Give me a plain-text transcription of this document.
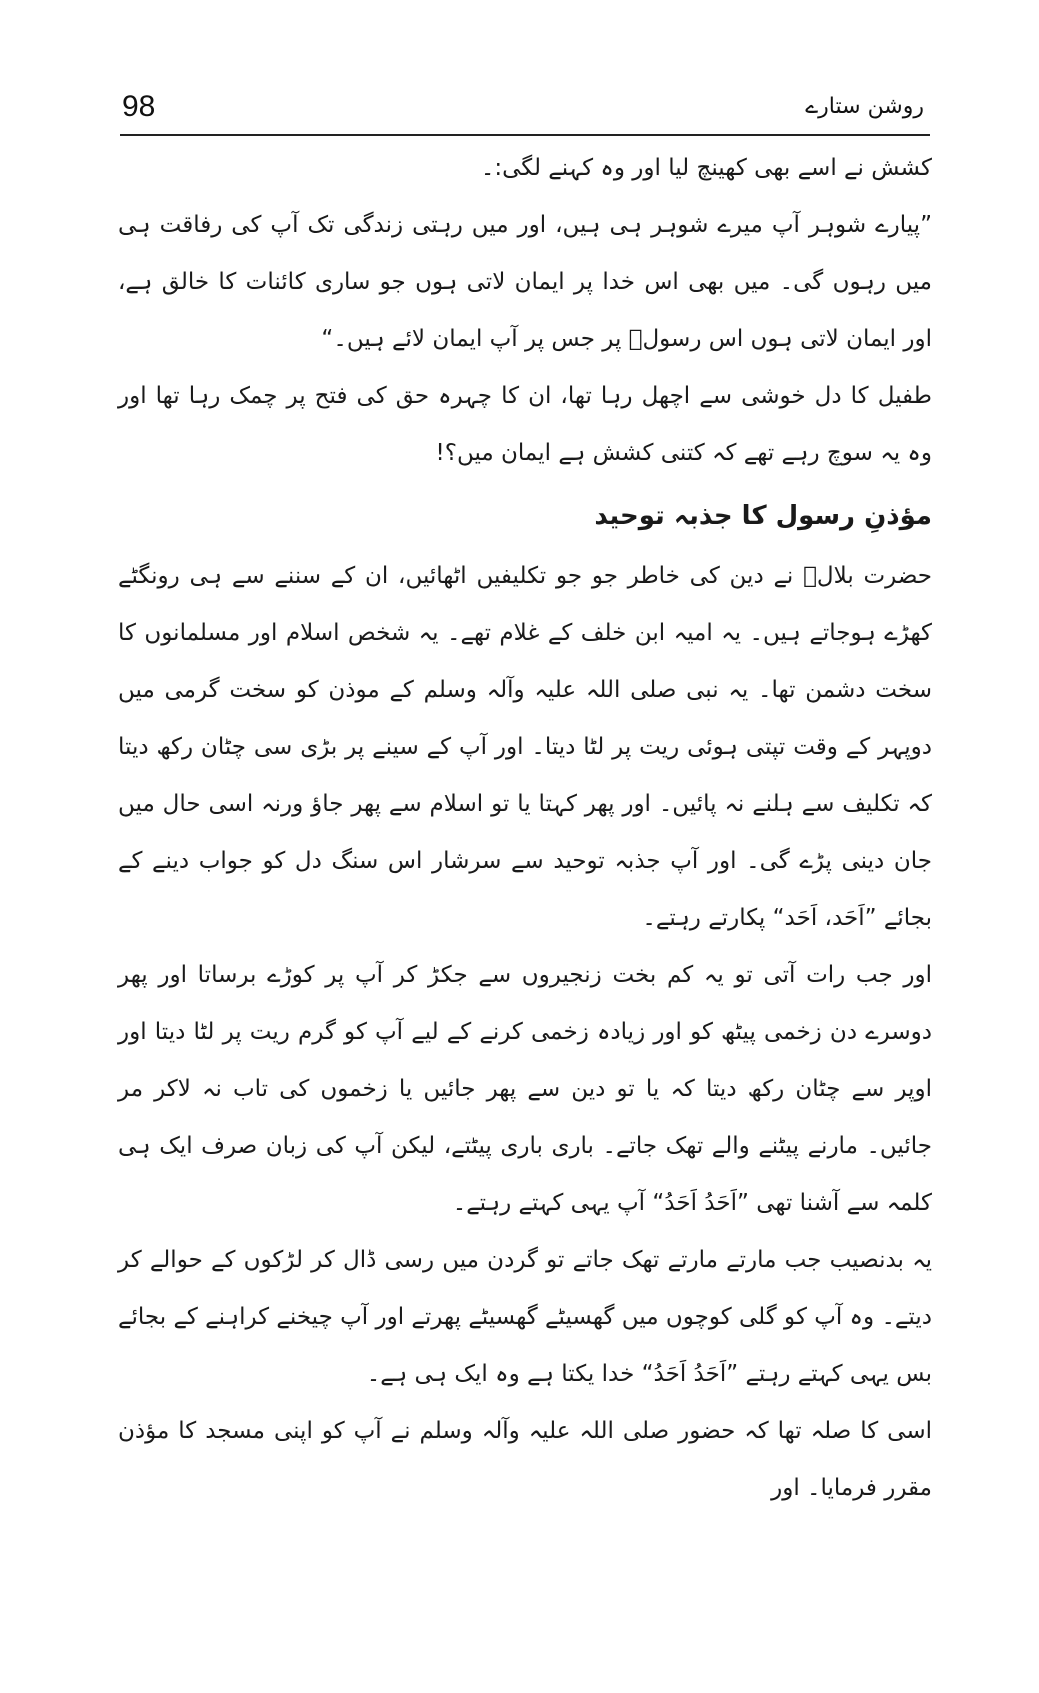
98	روشن ستارے

کشش نے اسے بھی کھینچ لیا اور وہ کہنے لگی:۔

”پیارے شوہر آپ میرے شوہر ہی ہیں، اور میں رہتی زندگی تک آپ کی رفاقت ہی میں رہوں گی۔ میں بھی اس خدا پر ایمان لاتی ہوں جو ساری کائنات کا خالق ہے، اور ایمان لاتی ہوں اس رسولؐ پر جس پر آپ ایمان لائے ہیں۔“

طفیل کا دل خوشی سے اچھل رہا تھا، ان کا چہرہ حق کی فتح پر چمک رہا تھا اور وہ یہ سوچ رہے تھے کہ کتنی کشش ہے ایمان میں؟!

مؤذنِ رسول کا جذبہ توحید

حضرت بلالؓ نے دین کی خاطر جو جو تکلیفیں اٹھائیں، ان کے سننے سے ہی رونگٹے کھڑے ہوجاتے ہیں۔ یہ امیہ ابن خلف کے غلام تھے۔ یہ شخص اسلام اور مسلمانوں کا سخت دشمن تھا۔ یہ نبی صلی اللہ علیہ وآلہ وسلم کے موذن کو سخت گرمی میں دوپہر کے وقت تپتی ہوئی ریت پر لٹا دیتا۔ اور آپ کے سینے پر بڑی سی چٹان رکھ دیتا کہ تکلیف سے ہلنے نہ پائیں۔ اور پھر کہتا یا تو اسلام سے پھر جاؤ ورنہ اسی حال میں جان دینی پڑے گی۔ اور آپ جذبہ توحید سے سرشار اس سنگ دل کو جواب دینے کے بجائے ”اَحَد، اَحَد“ پکارتے رہتے۔

اور جب رات آتی تو یہ کم بخت زنجیروں سے جکڑ کر آپ پر کوڑے برساتا اور پھر دوسرے دن زخمی پیٹھ کو اور زیادہ زخمی کرنے کے لیے آپ کو گرم ریت پر لٹا دیتا اور اوپر سے چٹان رکھ دیتا کہ یا تو دین سے پھر جائیں یا زخموں کی تاب نہ لاکر مر جائیں۔ مارنے پیٹنے والے تھک جاتے۔ باری باری پیٹتے، لیکن آپ کی زبان صرف ایک ہی کلمہ سے آشنا تھی ”اَحَدُ اَحَدُ“ آپ یہی کہتے رہتے۔

یہ بدنصیب جب مارتے مارتے تھک جاتے تو گردن میں رسی ڈال کر لڑکوں کے حوالے کر دیتے۔ وہ آپ کو گلی کوچوں میں گھسیٹے گھسیٹے پھرتے اور آپ چیخنے کراہنے کے بجائے بس یہی کہتے رہتے ”اَحَدُ اَحَدُ“ خدا یکتا ہے وہ ایک ہی ہے۔

اسی کا صلہ تھا کہ حضور صلی اللہ علیہ وآلہ وسلم نے آپ کو اپنی مسجد کا مؤذن مقرر فرمایا۔ اور
